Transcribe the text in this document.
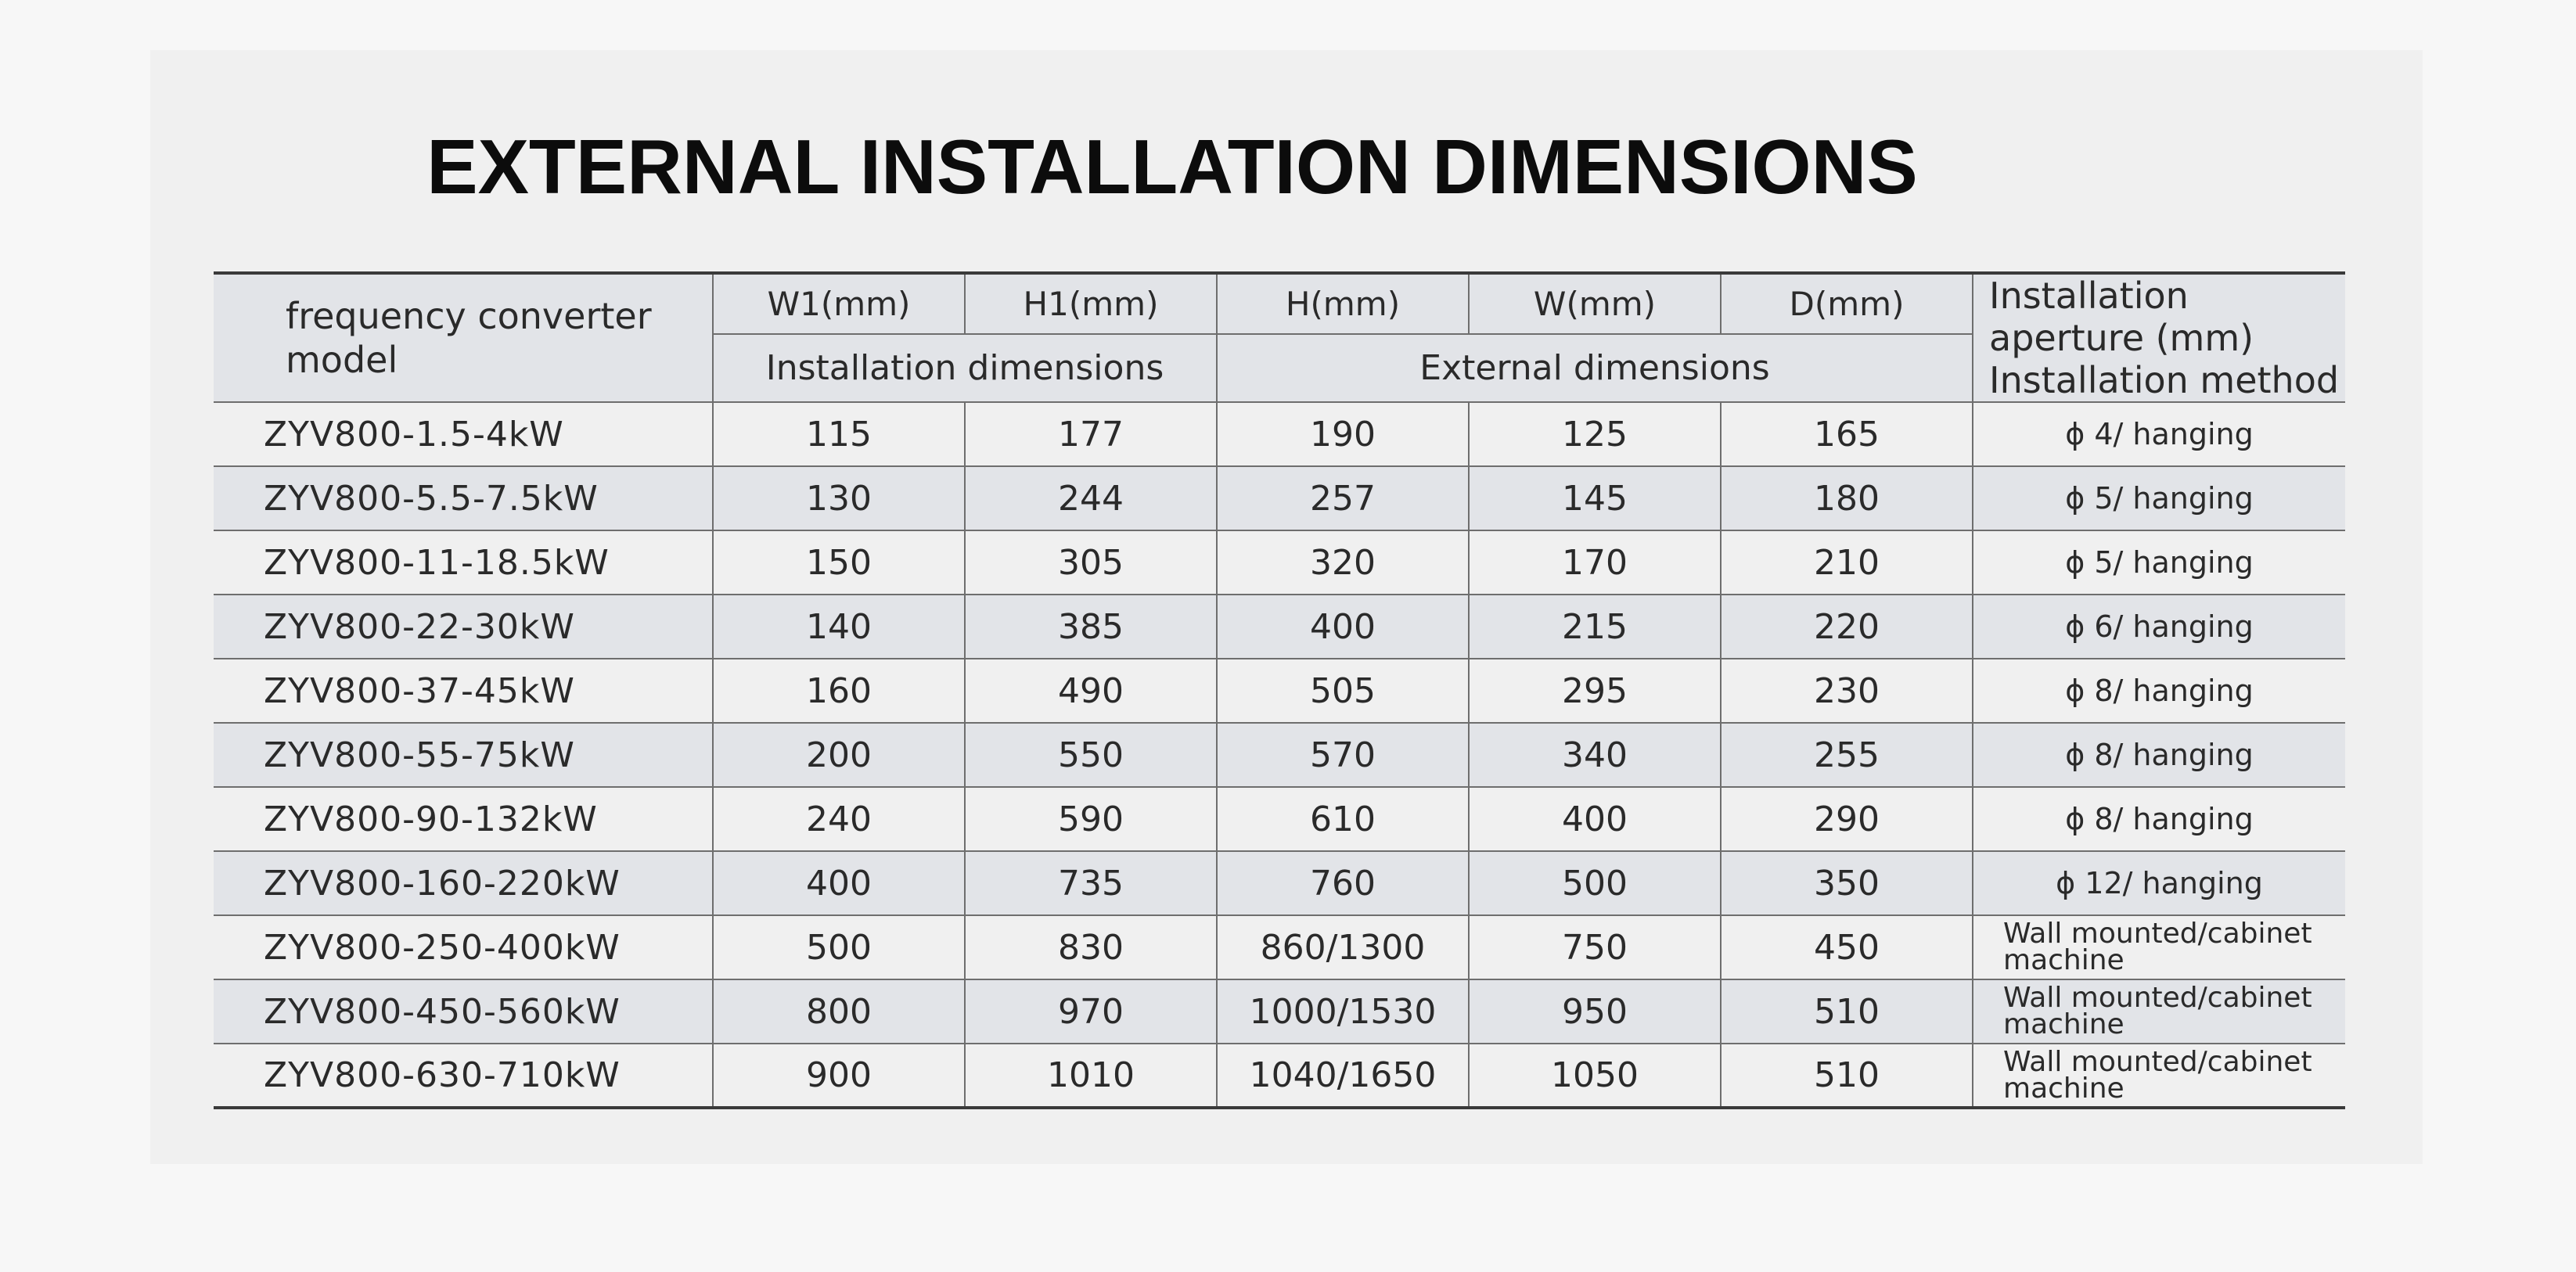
EXTERNAL INSTALLATION DIMENSIONS
frequency converter model	W1(mm)	H1(mm)	H(mm)	W(mm)	D(mm)	Installation aperture (mm) Installation method
	Installation dimensions		External dimensions			
ZYV800-1.5-4kW	115	177	190	125	165	ϕ 4/ hanging
ZYV800-5.5-7.5kW	130	244	257	145	180	ϕ 5/ hanging
ZYV800-11-18.5kW	150	305	320	170	210	ϕ 5/ hanging
ZYV800-22-30kW	140	385	400	215	220	ϕ 6/ hanging
ZYV800-37-45kW	160	490	505	295	230	ϕ 8/ hanging
ZYV800-55-75kW	200	550	570	340	255	ϕ 8/ hanging
ZYV800-90-132kW	240	590	610	400	290	ϕ 8/ hanging
ZYV800-160-220kW	400	735	760	500	350	ϕ 12/ hanging
ZYV800-250-400kW	500	830	860/1300	750	450	Wall mounted/cabinet machine
ZYV800-450-560kW	800	970	1000/1530	950	510	Wall mounted/cabinet machine
ZYV800-630-710kW	900	1010	1040/1650	1050	510	Wall mounted/cabinet machine
